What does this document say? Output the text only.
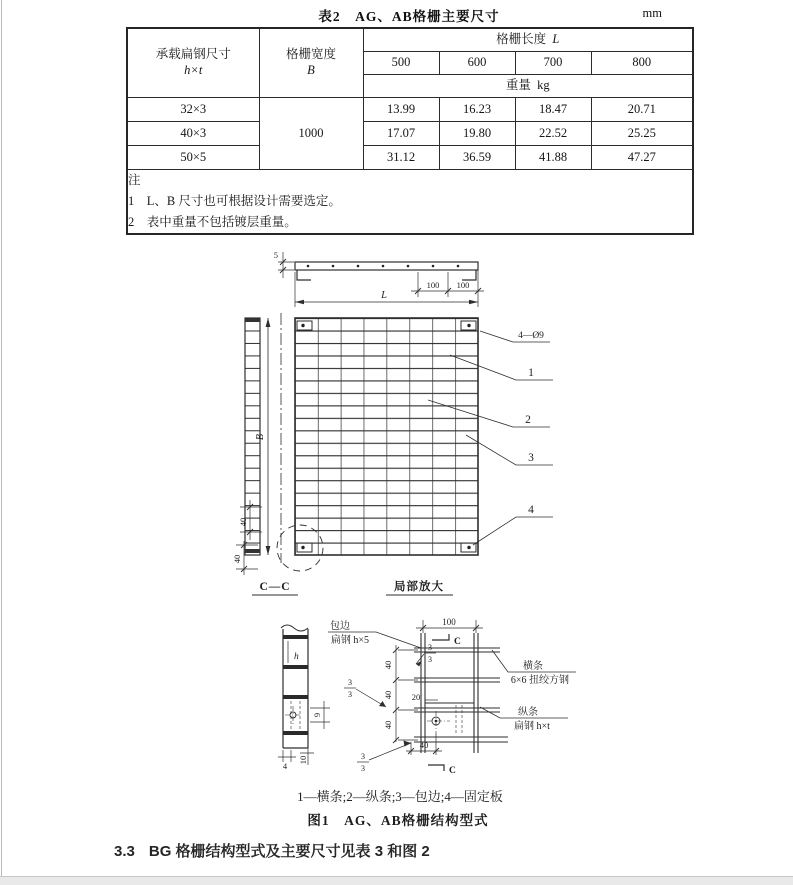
表2　AG、AB格栅主要尺寸	mm
承载扁钢尺寸
h×t

格栅宽度
B
	格栅长度 L
		500	600	700	800
		重量 kg			
32×3	1000	13.99	16.23	18.47	20.71
40×3		17.07	19.80	22.52	25.25
50×5		31.12	36.59	41.88	47.27

注
1　L、B 尺寸也可根据设计需要选定。
2　表中重量不包括镀层重量。					
5
100 100
L
B
40
40
4—Ø9
1
2
3
4
C—C
h
9
4
10
局部放大
100
C
C
40
40
40
20
40
3
3
3
3
3
3
包边
扁钢 h×5
横条
6×6 扭绞方钢
纵条
扁钢 h×t
1—横条;2—纵条;3—包边;4—固定板
图1　AG、AB格栅结构型式
3.3 BG 格栅结构型式及主要尺寸见表 3 和图 2
